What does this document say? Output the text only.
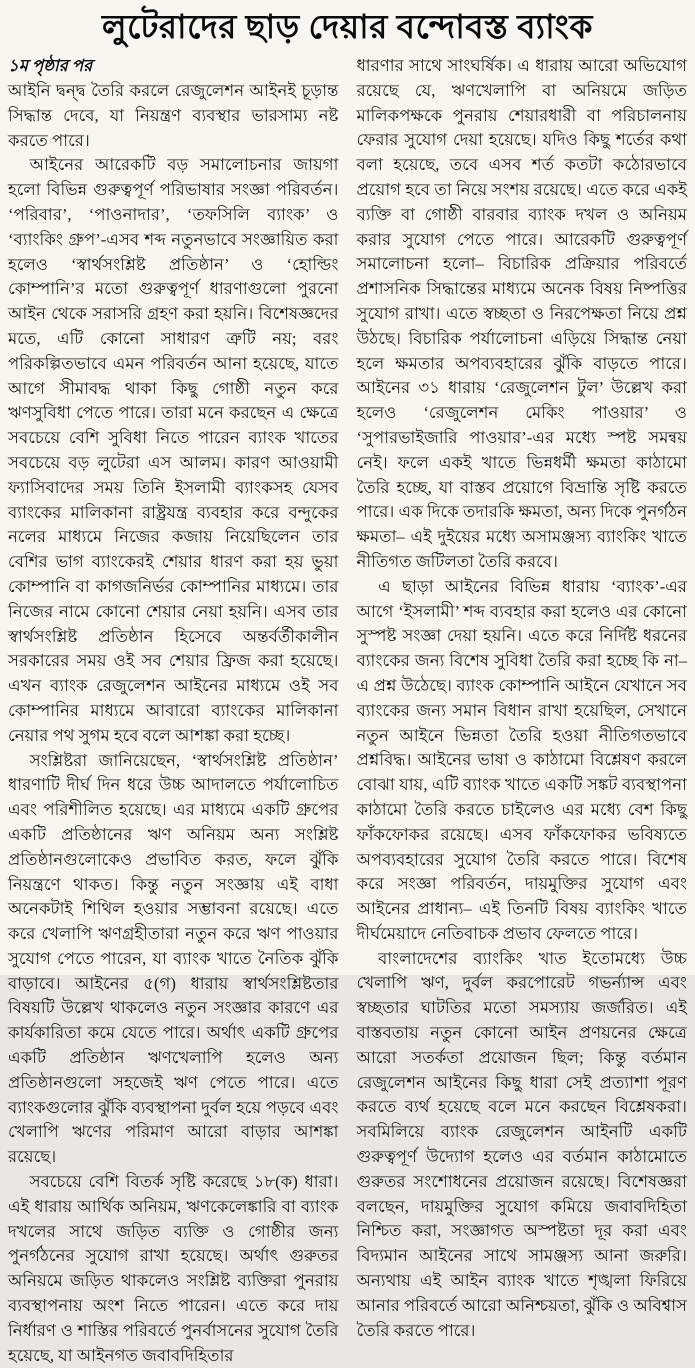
লুটেরাদের ছাড় দেয়ার বন্দোবস্ত ব্যাংক

১ম পৃষ্ঠার পর

আইনি দ্বন্দ্ব তৈরি করলে রেজুলেশন আইনই চূড়ান্ত সিদ্ধান্ত দেবে, যা নিয়ন্ত্রণ ব্যবস্থার ভারসাম্য নষ্ট করতে পারে।

আইনের আরেকটি বড় সমালোচনার জায়গা হলো বিভিন্ন গুরুত্বপূর্ণ পরিভাষার সংজ্ঞা পরিবর্তন। ‘পরিবার’, ‘পাওনাদার’, ‘তফসিলি ব্যাংক’ ও ‘ব্যাংকিং গ্রুপ’-এসব শব্দ নতুনভাবে সংজ্ঞায়িত করা হলেও ‘স্বার্থসংশ্লিষ্ট প্রতিষ্ঠান’ ও ‘হোল্ডিং কোম্পানি’র মতো গুরুত্বপূর্ণ ধারণাগুলো পুরনো আইন থেকে সরাসরি গ্রহণ করা হয়নি। বিশেষজ্ঞদের মতে, এটি কোনো সাধারণ ত্রুটি নয়; বরং পরিকল্পিতভাবে এমন পরিবর্তন আনা হয়েছে, যাতে আগে সীমাবদ্ধ থাকা কিছু গোষ্ঠী নতুন করে ঋণসুবিধা পেতে পারে। তারা মনে করছেন এ ক্ষেত্রে সবচেয়ে বেশি সুবিধা নিতে পারেন ব্যাংক খাতের সবচেয়ে বড় লুটেরা এস আলম। কারণ আওয়ামী ফ্যাসিবাদের সময় তিনি ইসলামী ব্যাংকসহ যেসব ব্যাংকের মালিকানা রাষ্ট্রযন্ত্র ব্যবহার করে বন্দুকের নলের মাধ্যমে নিজের কজায় নিয়েছিলেন তার বেশির ভাগ ব্যাংকেরই শেয়ার ধারণ করা হয় ভুয়া কোম্পানি বা কাগজনির্ভর কোম্পানির মাধ্যমে। তার নিজের নামে কোনো শেয়ার নেয়া হয়নি। এসব তার স্বার্থসংশ্লিষ্ট প্রতিষ্ঠান হিসেবে অন্তর্বর্তীকালীন সরকারের সময় ওই সব শেয়ার ফ্রিজ করা হয়েছে। এখন ব্যাংক রেজুলেশন আইনের মাধ্যমে ওই সব কোম্পানির মাধ্যমে আবারো ব্যাংকের মালিকানা নেয়ার পথ সুগম হবে বলে আশঙ্কা করা হচ্ছে।

সংশ্লিষ্টরা জানিয়েছেন, ‘স্বার্থসংশ্লিষ্ট প্রতিষ্ঠান’ ধারণাটি দীর্ঘ দিন ধরে উচ্চ আদালতে পর্যালোচিত এবং পরিশীলিত হয়েছে। এর মাধ্যমে একটি গ্রুপের একটি প্রতিষ্ঠানের ঋণ অনিয়ম অন্য সংশ্লিষ্ট প্রতিষ্ঠানগুলোকেও প্রভাবিত করত, ফলে ঝুঁকি নিয়ন্ত্রণে থাকত। কিন্তু নতুন সংজ্ঞায় এই বাধা অনেকটাই শিথিল হওয়ার সম্ভাবনা রয়েছে। এতে করে খেলাপি ঋণগ্রহীতারা নতুন করে ঋণ পাওয়ার সুযোগ পেতে পারেন, যা ব্যাংক খাতে নৈতিক ঝুঁকি বাড়াবে। আইনের ৫(গ) ধারায় স্বার্থসংশ্লিষ্টতার বিষয়টি উল্লেখ থাকলেও নতুন সংজ্ঞার কারণে এর কার্যকারিতা কমে যেতে পারে। অর্থাৎ একটি গ্রুপের একটি প্রতিষ্ঠান ঋণখেলাপি হলেও অন্য প্রতিষ্ঠানগুলো সহজেই ঋণ পেতে পারে। এতে ব্যাংকগুলোর ঝুঁকি ব্যবস্থাপনা দুর্বল হয়ে পড়বে এবং খেলাপি ঋণের পরিমাণ আরো বাড়ার আশঙ্কা রয়েছে।

সবচেয়ে বেশি বিতর্ক সৃষ্টি করেছে ১৮(ক) ধারা। এই ধারায় আর্থিক অনিয়ম, ঋণকেলেঙ্কারি বা ব্যাংক দখলের সাথে জড়িত ব্যক্তি ও গোষ্ঠীর জন্য পুনর্গঠনের সুযোগ রাখা হয়েছে। অর্থাৎ গুরুতর অনিয়মে জড়িত থাকলেও সংশ্লিষ্ট ব্যক্তিরা পুনরায় ব্যবস্থাপনায় অংশ নিতে পারেন। এতে করে দায় নির্ধারণ ও শাস্তির পরিবর্তে পুনর্বাসনের সুযোগ তৈরি হয়েছে, যা আইনগত জবাবদিহিতার

ধারণার সাথে সাংঘর্ষিক। এ ধারায় আরো অভিযোগ রয়েছে যে, ঋণখেলাপি বা অনিয়মে জড়িত মালিকপক্ষকে পুনরায় শেয়ারধারী বা পরিচালনায় ফেরার সুযোগ দেয়া হয়েছে। যদিও কিছু শর্তের কথা বলা হয়েছে, তবে এসব শর্ত কতটা কঠোরভাবে প্রয়োগ হবে তা নিয়ে সংশয় রয়েছে। এতে করে একই ব্যক্তি বা গোষ্ঠী বারবার ব্যাংক দখল ও অনিয়ম করার সুযোগ পেতে পারে। আরেকটি গুরুত্বপূর্ণ সমালোচনা হলো– বিচারিক প্রক্রিয়ার পরিবর্তে প্রশাসনিক সিদ্ধান্তের মাধ্যমে অনেক বিষয় নিষ্পত্তির সুযোগ রাখা। এতে স্বচ্ছতা ও নিরপেক্ষতা নিয়ে প্রশ্ন উঠছে। বিচারিক পর্যালোচনা এড়িয়ে সিদ্ধান্ত নেয়া হলে ক্ষমতার অপব্যবহারের ঝুঁকি বাড়তে পারে। আইনের ৩১ ধারায় ‘রেজুলেশন টুল’ উল্লেখ করা হলেও ‘রেজুলেশন মেকিং পাওয়ার’ ও ‘সুপারভাইজারি পাওয়ার’-এর মধ্যে স্পষ্ট সমন্বয় নেই। ফলে একই খাতে ভিন্নধর্মী ক্ষমতা কাঠামো তৈরি হচ্ছে, যা বাস্তব প্রয়োগে বিভ্রান্তি সৃষ্টি করতে পারে। এক দিকে তদারকি ক্ষমতা, অন্য দিকে পুনর্গঠন ক্ষমতা– এই দুইয়ের মধ্যে অসামঞ্জস্য ব্যাংকিং খাতে নীতিগত জটিলতা তৈরি করবে।

এ ছাড়া আইনের বিভিন্ন ধারায় ‘ব্যাংক’-এর আগে ‘ইসলামী’ শব্দ ব্যবহার করা হলেও এর কোনো সুস্পষ্ট সংজ্ঞা দেয়া হয়নি। এতে করে নির্দিষ্ট ধরনের ব্যাংকের জন্য বিশেষ সুবিধা তৈরি করা হচ্ছে কি না– এ প্রশ্ন উঠেছে। ব্যাংক কোম্পানি আইনে যেখানে সব ব্যাংকের জন্য সমান বিধান রাখা হয়েছিল, সেখানে নতুন আইনে ভিন্নতা তৈরি হওয়া নীতিগতভাবে প্রশ্নবিদ্ধ। আইনের ভাষা ও কাঠামো বিশ্লেষণ করলে বোঝা যায়, এটি ব্যাংক খাতে একটি সঙ্কট ব্যবস্থাপনা কাঠামো তৈরি করতে চাইলেও এর মধ্যে বেশ কিছু ফাঁকফোকর রয়েছে। এসব ফাঁকফোকর ভবিষ্যতে অপব্যবহারের সুযোগ তৈরি করতে পারে। বিশেষ করে সংজ্ঞা পরিবর্তন, দায়মুক্তির সুযোগ এবং আইনের প্রাধান্য– এই তিনটি বিষয় ব্যাংকিং খাতে দীর্ঘমেয়াদে নেতিবাচক প্রভাব ফেলতে পারে।

বাংলাদেশের ব্যাংকিং খাত ইতোমধ্যে উচ্চ খেলাপি ঋণ, দুর্বল করপোরেট গভর্ন্যান্স এবং স্বচ্ছতার ঘাটতির মতো সমস্যায় জর্জরিত। এই বাস্তবতায় নতুন কোনো আইন প্রণয়নের ক্ষেত্রে আরো সতর্কতা প্রয়োজন ছিল; কিন্তু বর্তমান রেজুলেশন আইনের কিছু ধারা সেই প্রত্যাশা পূরণ করতে ব্যর্থ হয়েছে বলে মনে করছেন বিশ্লেষকরা। সবমিলিয়ে ব্যাংক রেজুলেশন আইনটি একটি গুরুত্বপূর্ণ উদ্যোগ হলেও এর বর্তমান কাঠামোতে গুরুতর সংশোধনের প্রয়োজন রয়েছে। বিশেষজ্ঞরা বলছেন, দায়মুক্তির সুযোগ কমিয়ে জবাবদিহিতা নিশ্চিত করা, সংজ্ঞাগত অস্পষ্টতা দূর করা এবং বিদ্যমান আইনের সাথে সামঞ্জস্য আনা জরুরি। অন্যথায় এই আইন ব্যাংক খাতে শৃঙ্খলা ফিরিয়ে আনার পরিবর্তে আরো অনিশ্চয়তা, ঝুঁকি ও অবিশ্বাস তৈরি করতে পারে।
